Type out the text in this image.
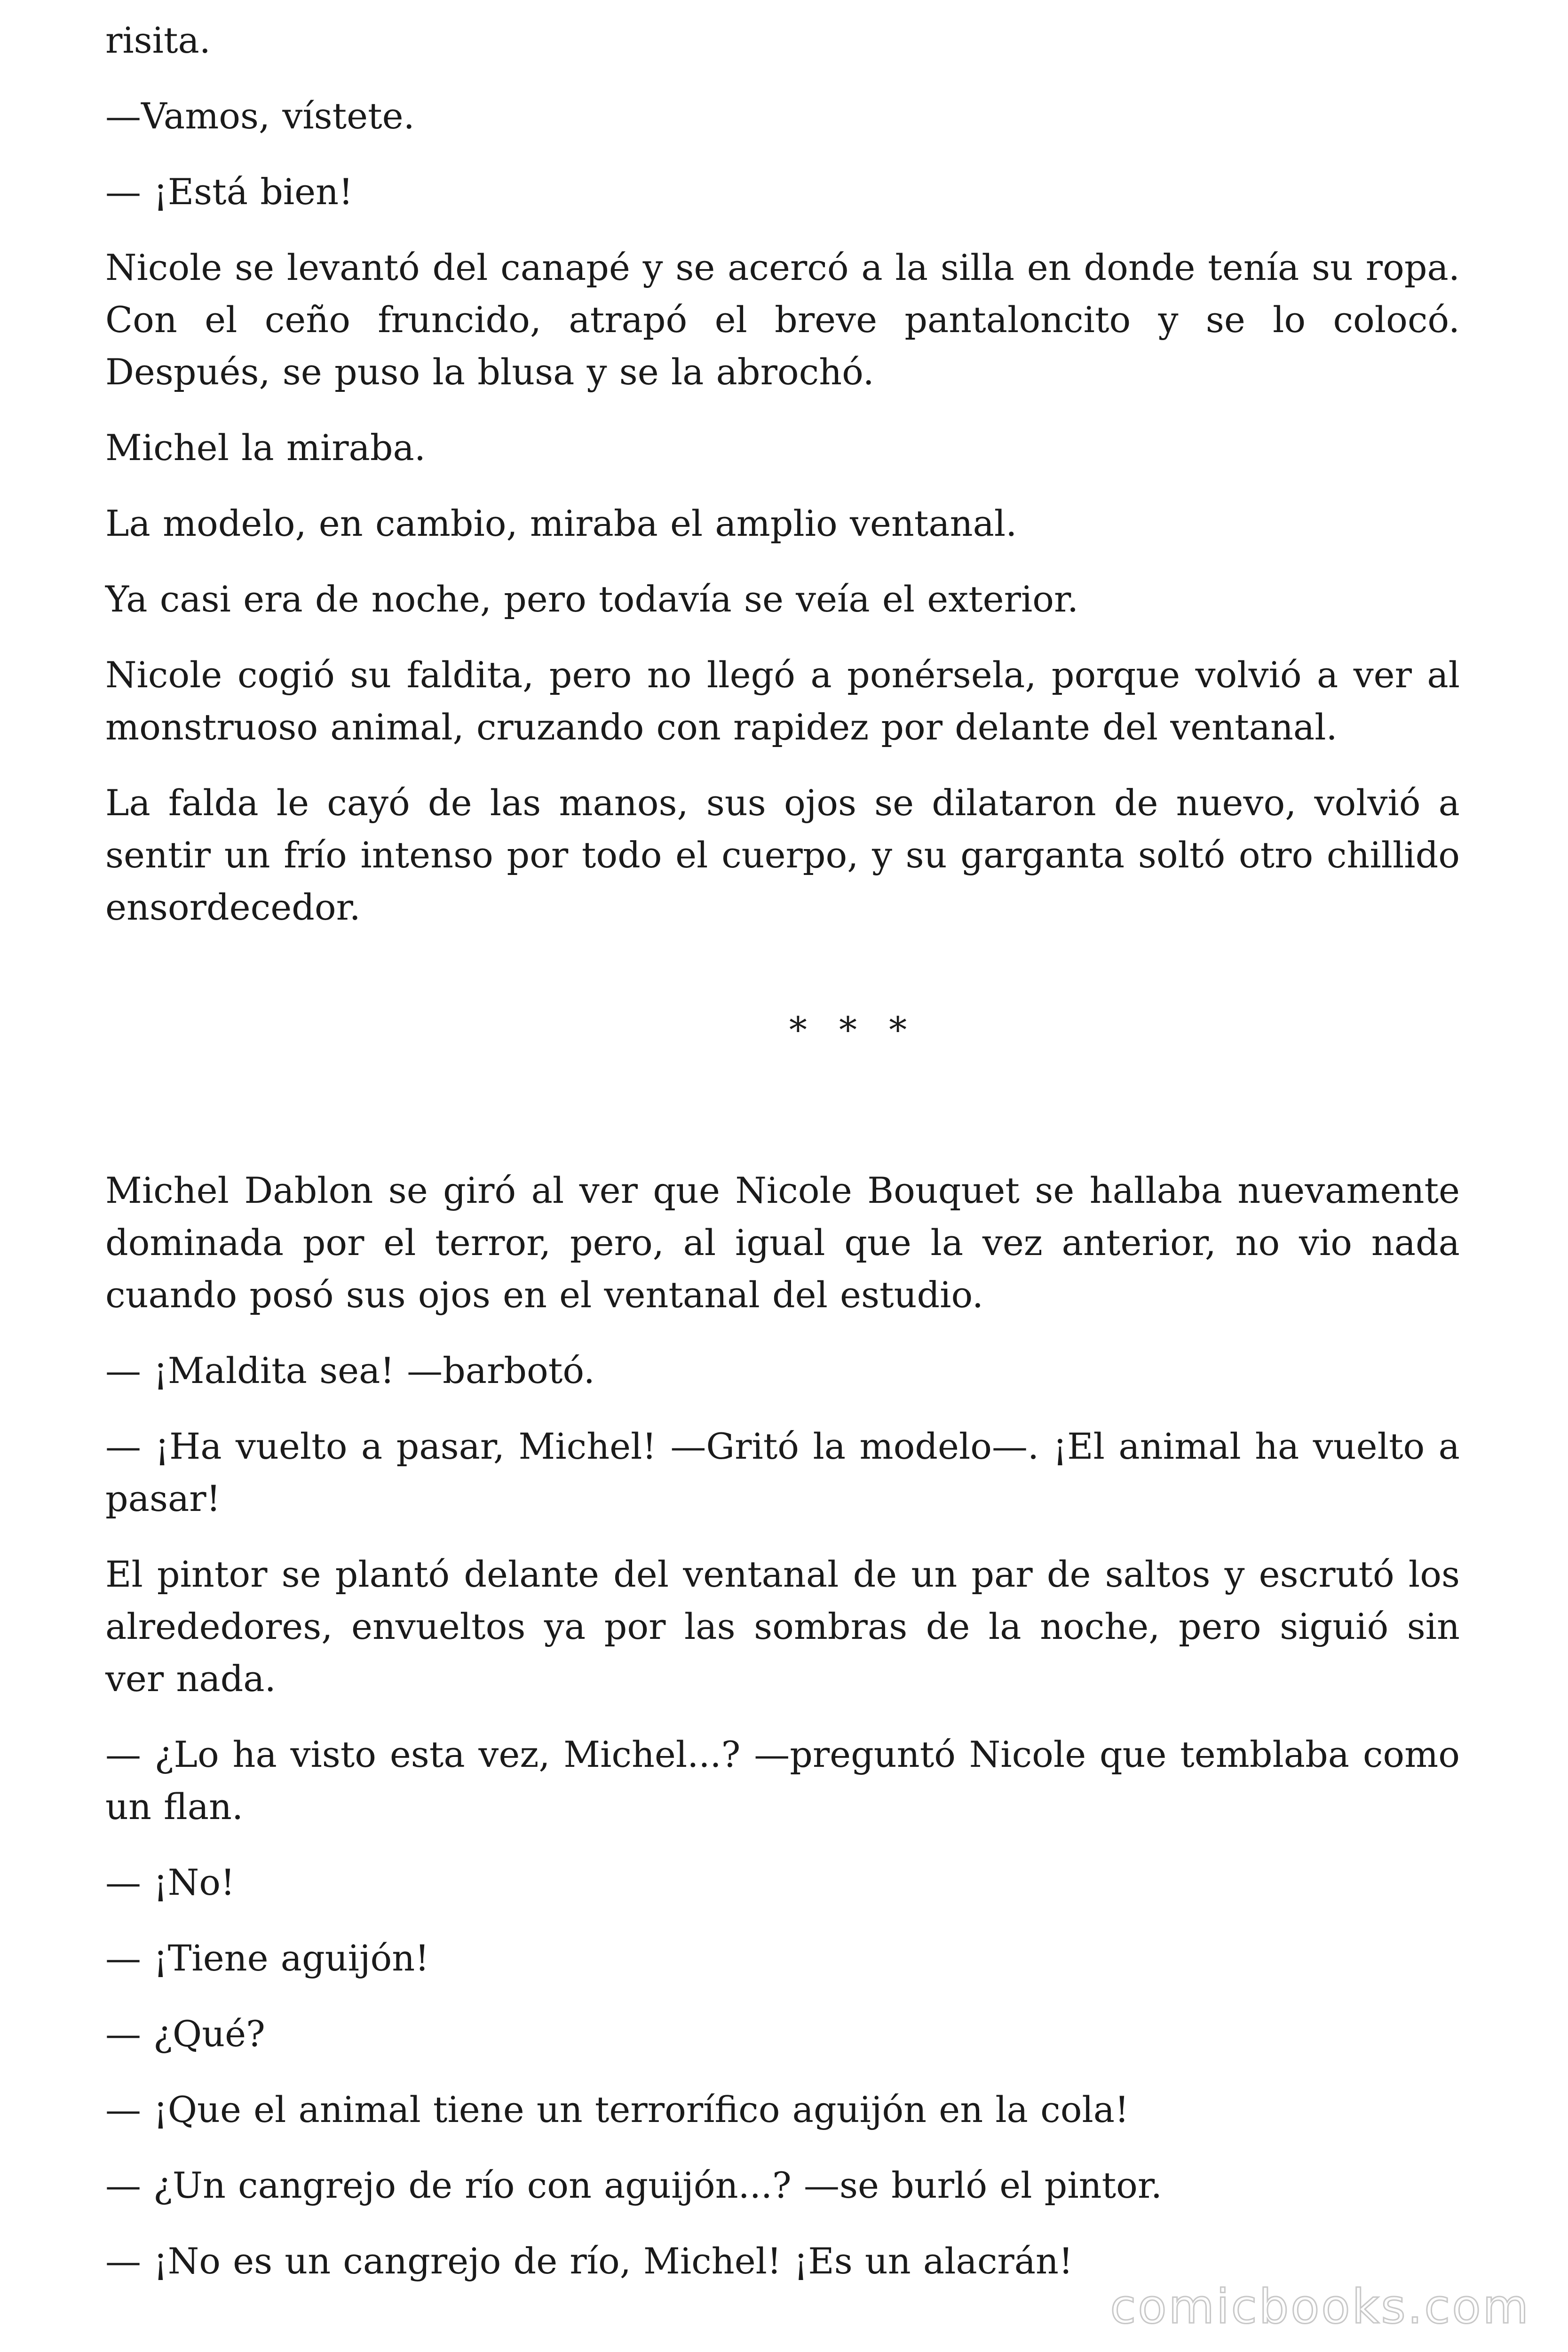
risita.

—Vamos, vístete.

— ¡Está bien!

Nicole se levantó del canapé y se acercó a la silla en donde tenía su ropa. Con el ceño fruncido, atrapó el breve pantaloncito y se lo colocó. Después, se puso la blusa y se la abrochó.

Michel la miraba.

La modelo, en cambio, miraba el amplio ventanal.

Ya casi era de noche, pero todavía se veía el exterior.

Nicole cogió su faldita, pero no llegó a ponérsela, porque volvió a ver al monstruoso animal, cruzando con rapidez por delante del ventanal.

La falda le cayó de las manos, sus ojos se dilataron de nuevo, volvió a sentir un frío intenso por todo el cuerpo, y su garganta soltó otro chillido ensordecedor.

* * *

Michel Dablon se giró al ver que Nicole Bouquet se hallaba nuevamente dominada por el terror, pero, al igual que la vez anterior, no vio nada cuando posó sus ojos en el ventanal del estudio.

— ¡Maldita sea! —barbotó.

— ¡Ha vuelto a pasar, Michel! —Gritó la modelo—. ¡El animal ha vuelto a pasar!

El pintor se plantó delante del ventanal de un par de saltos y escrutó los alrededores, envueltos ya por las sombras de la noche, pero siguió sin ver nada.

— ¿Lo ha visto esta vez, Michel...? —preguntó Nicole que temblaba como un flan.

— ¡No!

— ¡Tiene aguijón!

— ¿Qué?

— ¡Que el animal tiene un terrorífico aguijón en la cola!

— ¿Un cangrejo de río con aguijón...? —se burló el pintor.

— ¡No es un cangrejo de río, Michel! ¡Es un alacrán!

comicbooks.com
